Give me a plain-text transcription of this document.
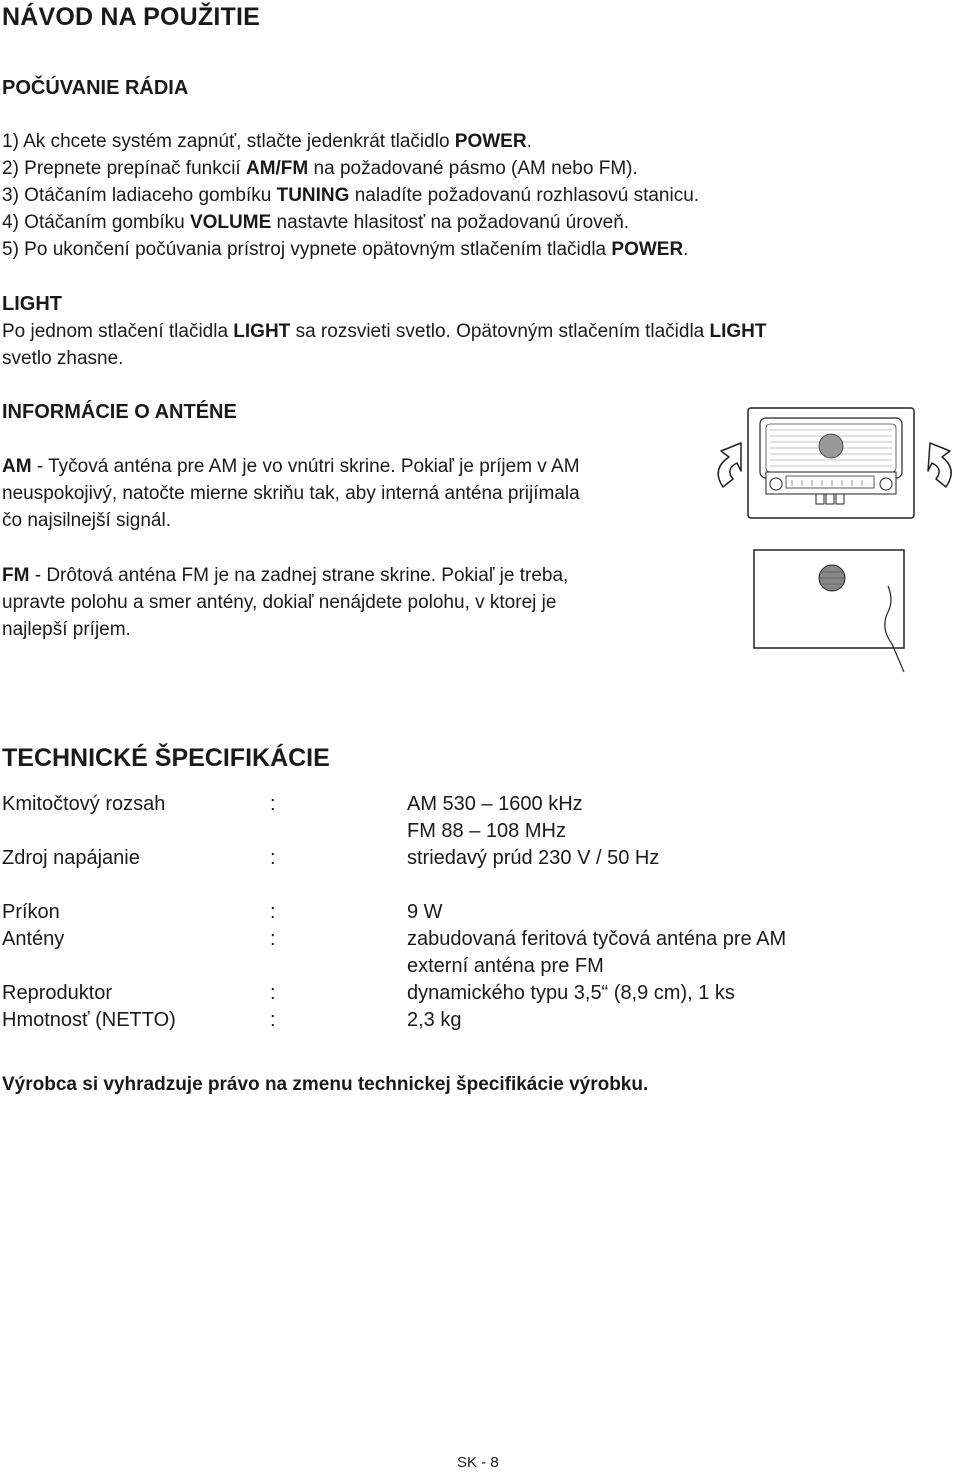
NÁVOD NA POUŽITIE
POČÚVANIE RÁDIA
1) Ak chcete systém zapnúť, stlačte jedenkrát tlačidlo POWER.
2) Prepnete prepínač funkcií AM/FM na požadované pásmo (AM nebo FM).
3) Otáčaním ladiaceho gombíku TUNING naladíte požadovanú rozhlasovú stanicu.
4) Otáčaním gombíku VOLUME nastavte hlasitosť na požadovanú úroveň.
5) Po ukončení počúvania prístroj vypnete opätovným stlačením tlačidla POWER.
LIGHT
Po jednom stlačení tlačidla LIGHT sa rozsvieti svetlo. Opätovným stlačením tlačidla LIGHT
svetlo zhasne.
INFORMÁCIE O ANTÉNE
AM - Tyčová anténa pre AM je vo vnútri skrine. Pokiaľ je príjem v AM
neuspokojivý, natočte mierne skriňu tak, aby interná anténa prijímala
čo najsilnejší signál.
FM - Drôtová anténa FM je na zadnej strane skrine. Pokiaľ je treba,
upravte polohu a smer antény, dokiaľ nenájdete polohu, v ktorej je
najlepší príjem.
TECHNICKÉ ŠPECIFIKÁCIE
Kmitočtový rozsah	:	AM 530 – 1600 kHz
FM 88 – 108 MHz
Zdroj napájanie	:	striedavý prúd 230 V / 50 Hz
Príkon	:	9 W
Antény	:	zabudovaná feritová tyčová anténa pre AM
externí anténa pre FM
Reproduktor	:	dynamického typu 3,5“ (8,9 cm), 1 ks
Hmotnosť (NETTO)	:	2,3 kg
Výrobca si vyhradzuje právo na zmenu technickej špecifikácie výrobku.
SK - 8
